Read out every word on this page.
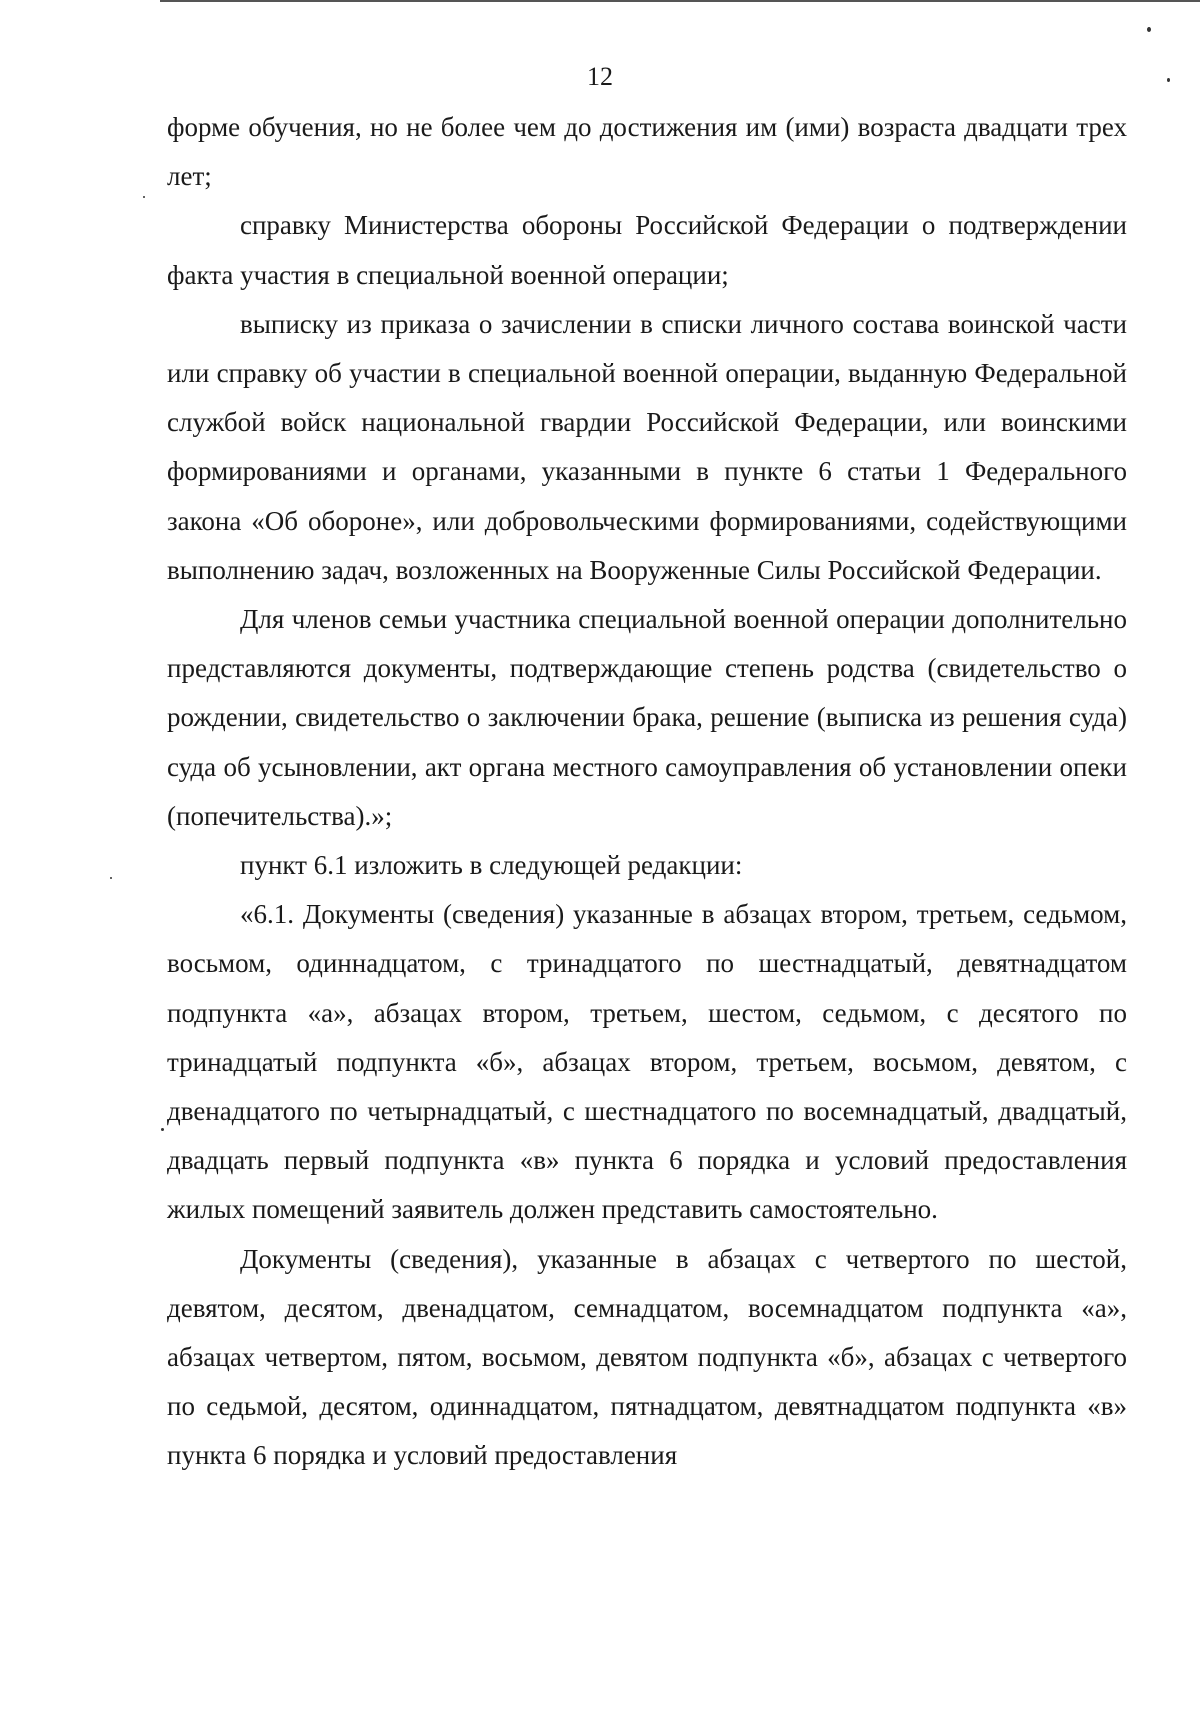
12

форме обучения, но не более чем до достижения им (ими) возраста двадцати трех лет;

справку Министерства обороны Российской Федерации о подтверждении факта участия в специальной военной операции;

выписку из приказа о зачислении в списки личного состава воинской части или справку об участии в специальной военной операции, выданную Федеральной службой войск национальной гвардии Российской Федерации, или воинскими формированиями и органами, указанными в пункте 6 статьи 1 Федерального закона «Об обороне», или добровольческими формированиями, содействующими выполнению задач, возложенных на Вооруженные Силы Российской Федерации.

Для членов семьи участника специальной военной операции дополнительно представляются документы, подтверждающие степень родства (свидетельство о рождении, свидетельство о заключении брака, решение (выписка из решения суда) суда об усыновлении, акт органа местного самоуправления об установлении опеки (попечительства).»;

пункт 6.1 изложить в следующей редакции:

«6.1. Документы (сведения) указанные в абзацах втором, третьем, седьмом, восьмом, одиннадцатом, с тринадцатого по шестнадцатый, девятнадцатом подпункта «а», абзацах втором, третьем, шестом, седьмом, с десятого по тринадцатый подпункта «б», абзацах втором, третьем, восьмом, девятом, с двенадцатого по четырнадцатый, с шестнадцатого по восемнадцатый, двадцатый, двадцать первый подпункта «в» пункта 6 порядка и условий предоставления жилых помещений заявитель должен представить самостоятельно.

Документы (сведения), указанные в абзацах с четвертого по шестой, девятом, десятом, двенадцатом, семнадцатом, восемнадцатом подпункта «а», абзацах четвертом, пятом, восьмом, девятом подпункта «б», абзацах с четвертого по седьмой, десятом, одиннадцатом, пятнадцатом, девятнадцатом подпункта «в» пункта 6 порядка и условий предоставления
